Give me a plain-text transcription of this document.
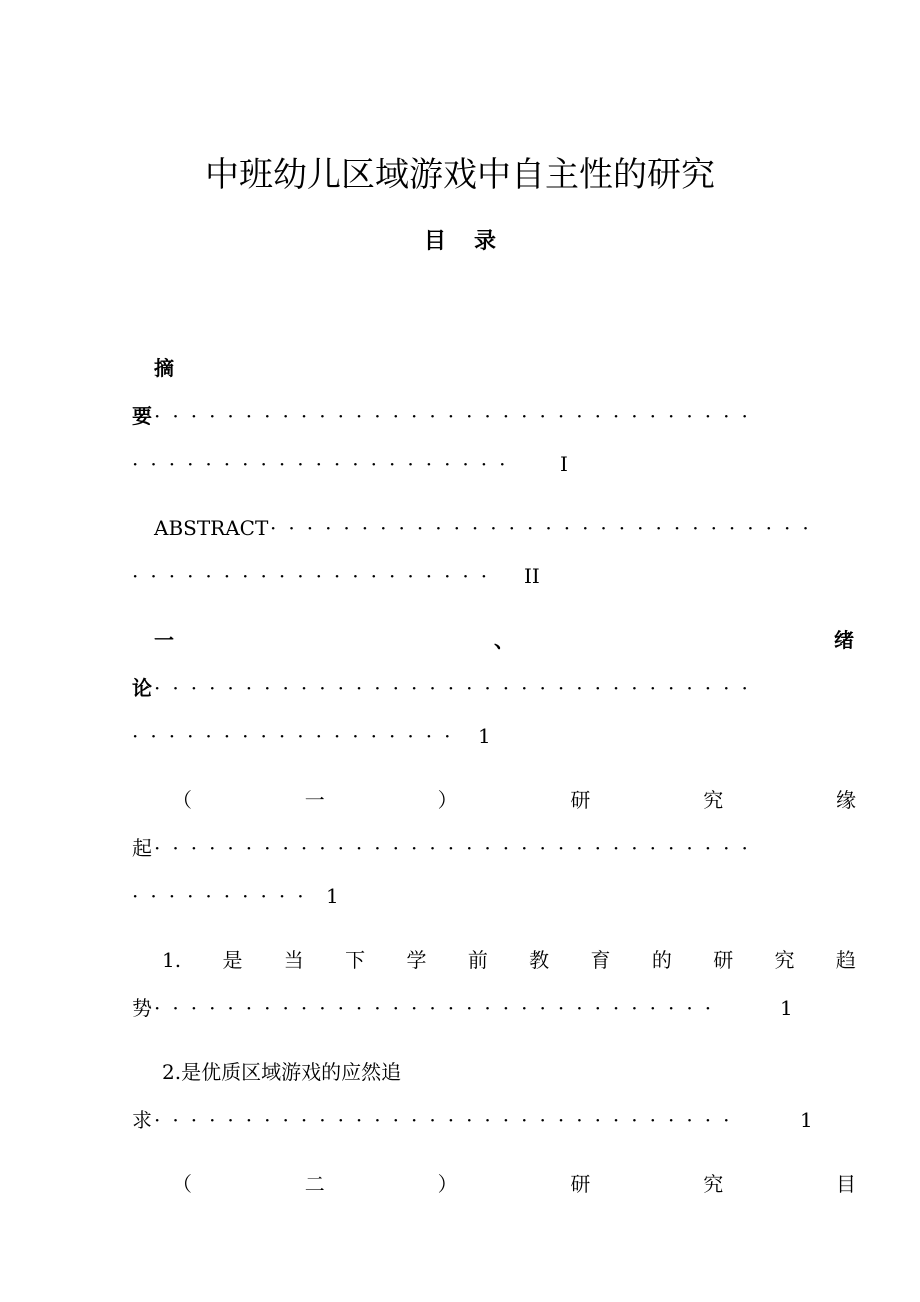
中班幼儿区域游戏中自主性的研究
目录
摘
要 ·································
····················· I
ABSTRACT ······························
···················· II
一	、	绪
论 ·································
·················· 1
（	一	）	研	究	缘
起 ·································
·········· 1
1. 是 当 下 学 前 教 育 的 研 究 趋
势 ·······························	1
2.是优质区域游戏的应然追
求 ································	1
（	二	）	研	究	目
